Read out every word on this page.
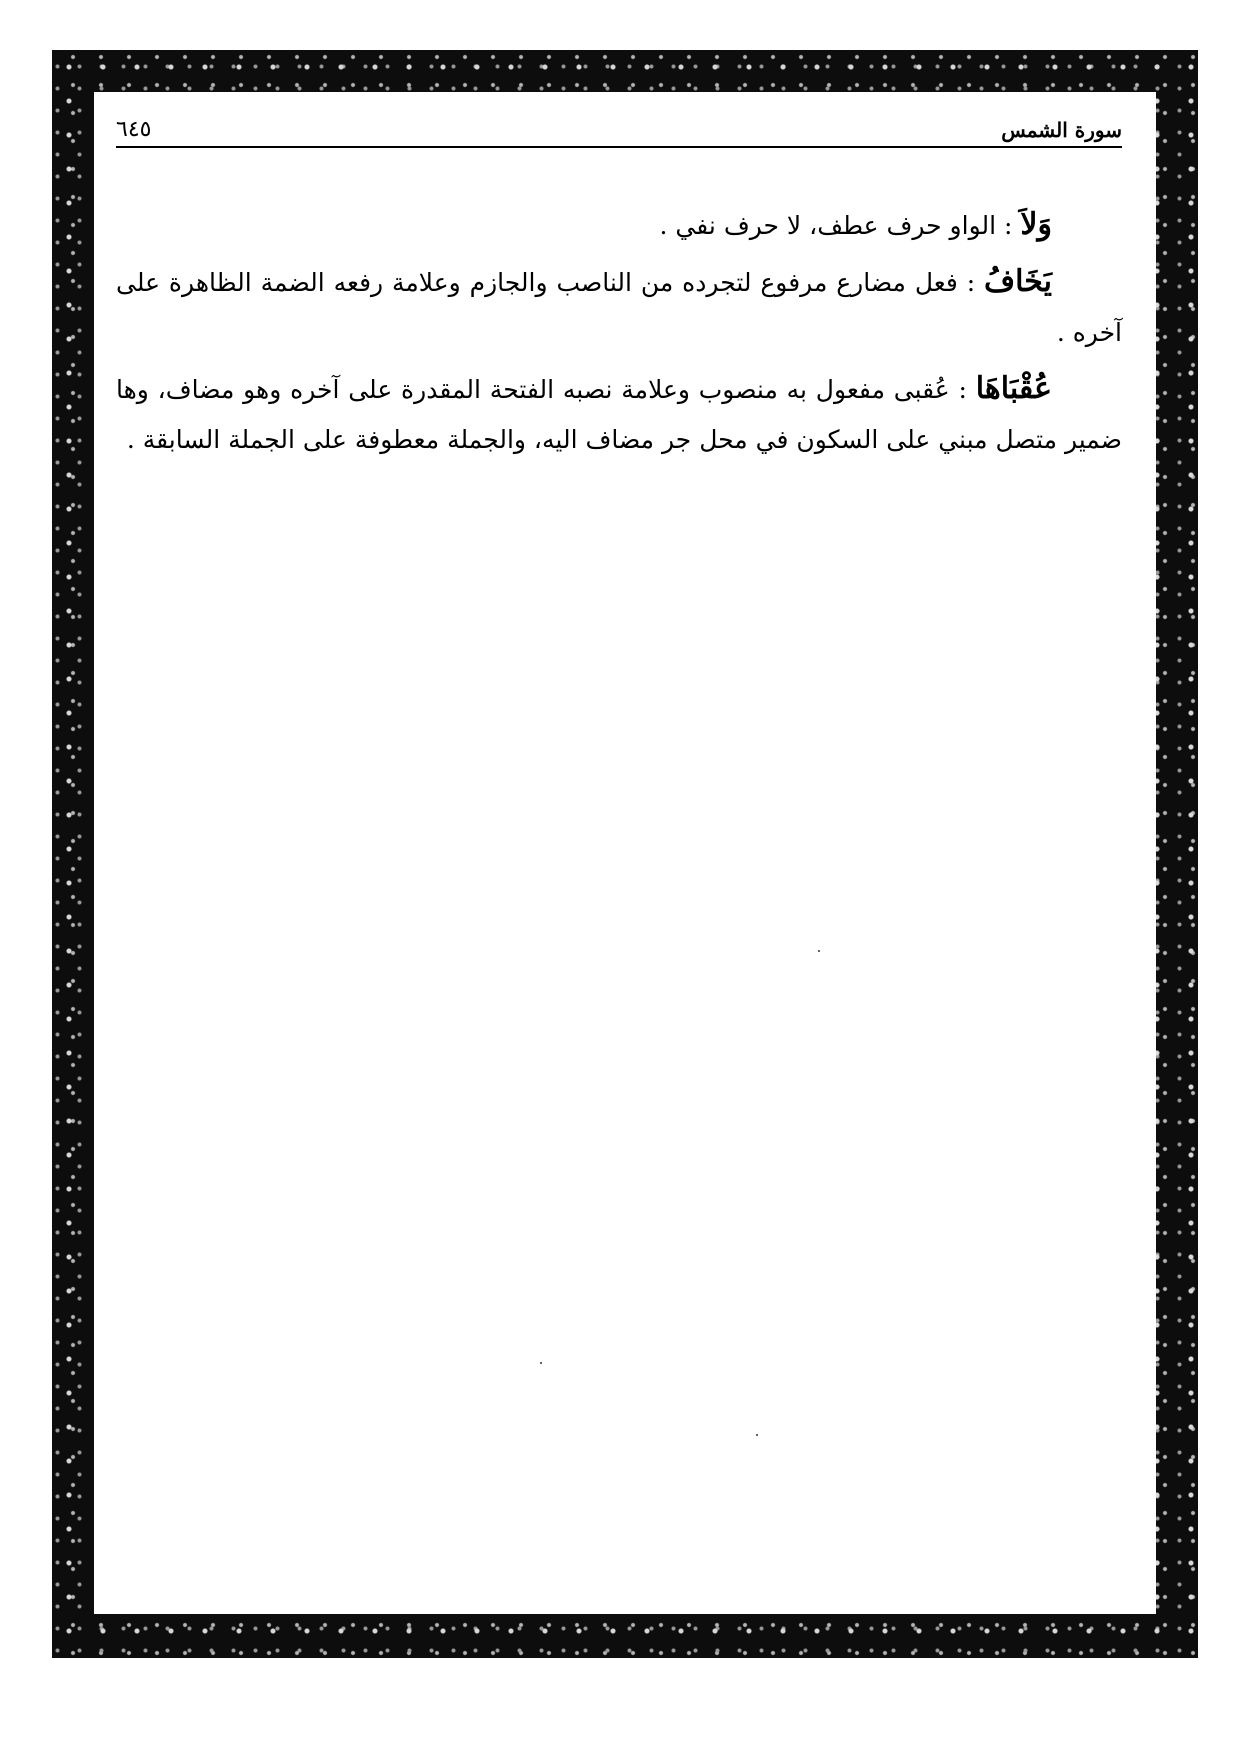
٦٤٥	سورة الشمس

وَلاَ : الواو حرف عطف، لا حرف نفي .

يَخَافُ : فعل مضارع مرفوع لتجرده من الناصب والجازم وعلامة رفعه الضمة الظاهرة على آخره .

عُقْبَاهَا : عُقبى مفعول به منصوب وعلامة نصبه الفتحة المقدرة على آخره وهو مضاف، وها ضمير متصل مبني على السكون في محل جر مضاف اليه، والجملة معطوفة على الجملة السابقة .
